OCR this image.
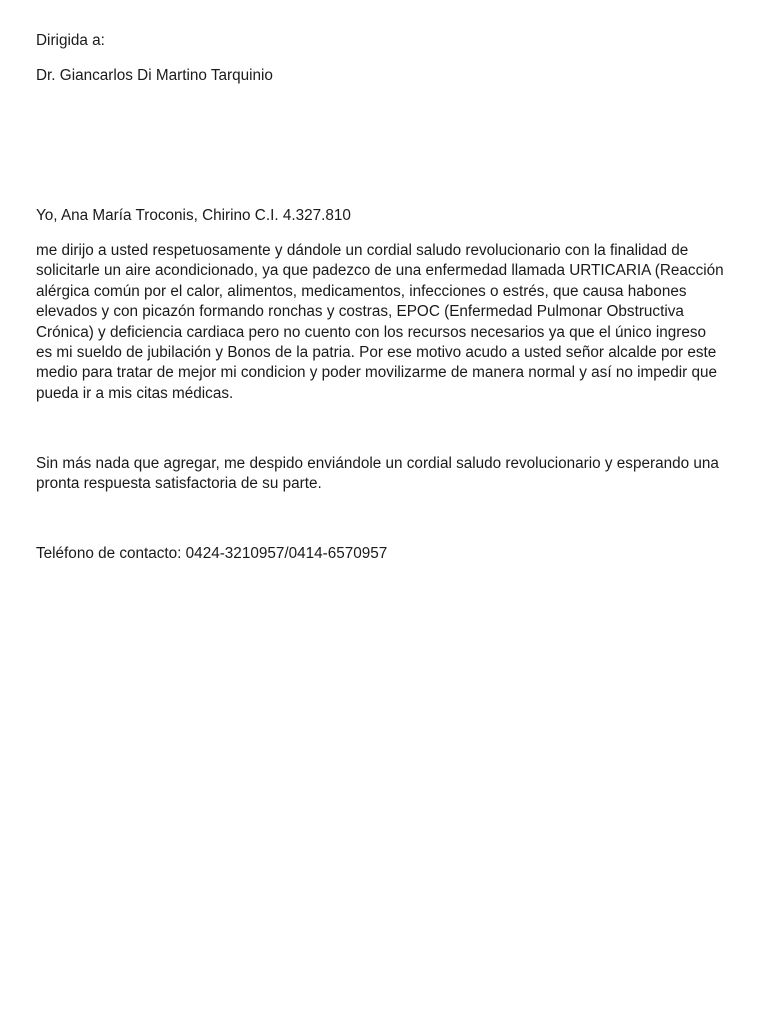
Dirigida a:

Dr. Giancarlos Di Martino Tarquinio

Yo, Ana María Troconis, Chirino C.I. 4.327.810

me dirijo a usted respetuosamente y dándole un cordial saludo revolucionario con la finalidad de
solicitarle un aire acondicionado, ya que padezco de una enfermedad llamada URTICARIA (Reacción
alérgica común por el calor, alimentos, medicamentos, infecciones o estrés, que causa habones
elevados y con picazón formando ronchas y costras, EPOC (Enfermedad Pulmonar Obstructiva
Crónica) y deficiencia cardiaca pero no cuento con los recursos necesarios ya que el único ingreso
es mi sueldo de jubilación y Bonos de la patria. Por ese motivo acudo a usted señor alcalde por este
medio para tratar de mejor mi condicion y poder movilizarme de manera normal y así no impedir que
pueda ir a mis citas médicas.
Sin más nada que agregar, me despido enviándole un cordial saludo revolucionario y esperando una
pronta respuesta satisfactoria de su parte.

Teléfono de contacto: 0424-3210957/0414-6570957
